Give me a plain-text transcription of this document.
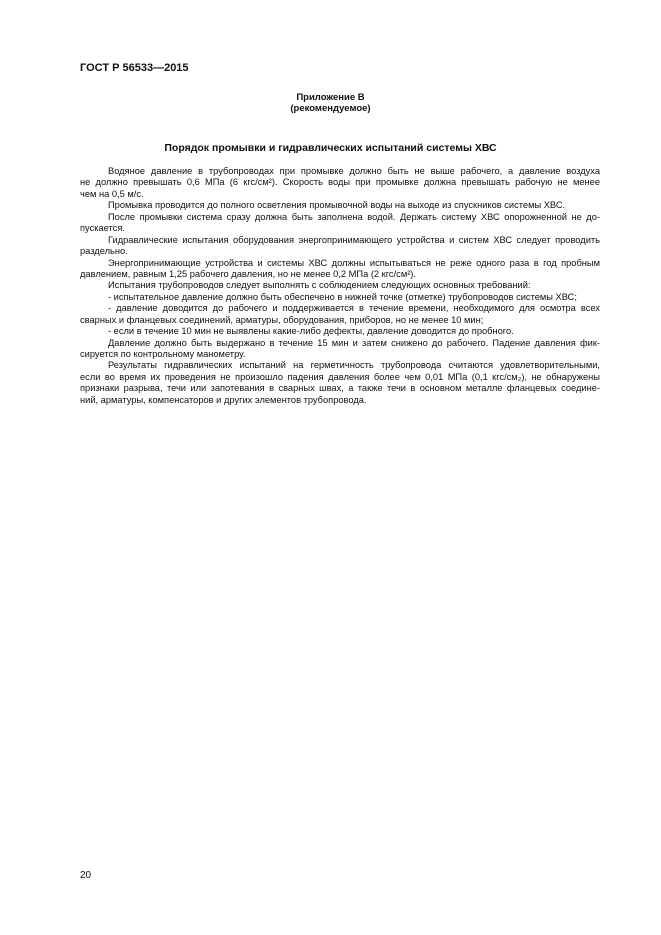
ГОСТ Р 56533—2015
Приложение В
(рекомендуемое)
Порядок промывки и гидравлических испытаний системы ХВС
Водяное давление в трубопроводах при промывке должно быть не выше рабочего, а давление воздуха
не должно превышать 0,6 МПа (6 кгс/см²). Скорость воды при промывке должна превышать рабочую не менее
чем на 0,5 м/с.
Промывка проводится до полного осветления промывочной воды на выходе из спускников системы ХВС.
После промывки система сразу должна быть заполнена водой. Держать систему ХВС опорожненной не до-
пускается.
Гидравлические испытания оборудования энергопринимающего устройства и систем ХВС следует проводить
раздельно.
Энергопринимающие устройства и системы ХВС должны испытываться не реже одного раза в год пробным
давлением, равным 1,25 рабочего давления, но не менее 0,2 МПа (2 кгс/см²).
Испытания трубопроводов следует выполнять с соблюдением следующих основных требований:
- испытательное давление должно быть обеспечено в нижней точке (отметке) трубопроводов системы ХВС;
- давление доводится до рабочего и поддерживается в течение времени, необходимого для осмотра всех
сварных и фланцевых соединений, арматуры, оборудования, приборов, но не менее 10 мин;
- если в течение 10 мин не выявлены какие-либо дефекты, давление доводится до пробного.
Давление должно быть выдержано в течение 15 мин и затем снижено до рабочего. Падение давления фик-
сируется по контрольному манометру.
Результаты гидравлических испытаний на герметичность трубопровода считаются удовлетворительными,
если во время их проведения не произошло падения давления более чем 0,01 МПа (0,1 кгс/см₂), не обнаружены
признаки разрыва, течи или запотевания в сварных швах, а также течи в основном металле фланцевых соедине-
ний, арматуры, компенсаторов и других элементов трубопровода.
20
